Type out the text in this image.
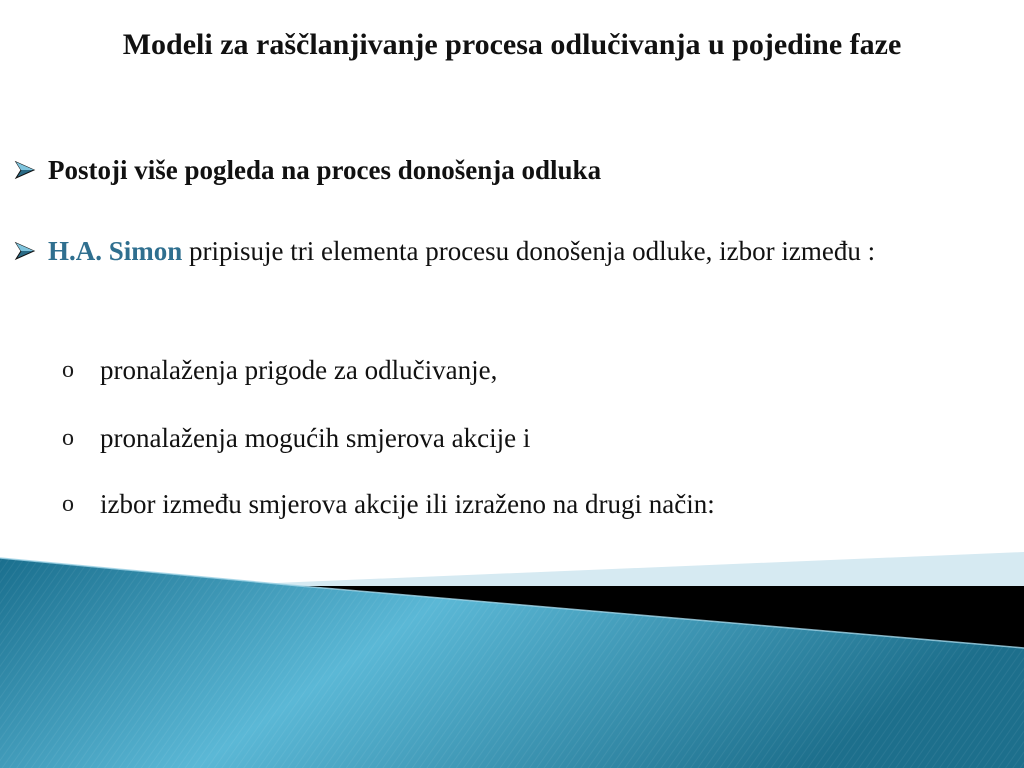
Modeli za raščlanjivanje procesa odlučivanja u pojedine faze
Postoji više pogleda na proces donošenja odluka
H.A. Simon pripisuje tri elementa procesu donošenja odluke, izbor između :
o pronalaženja prigode za odlučivanje,
o pronalaženja mogućih smjerova akcije i
o izbor između smjerova akcije ili izraženo na drugi način:
